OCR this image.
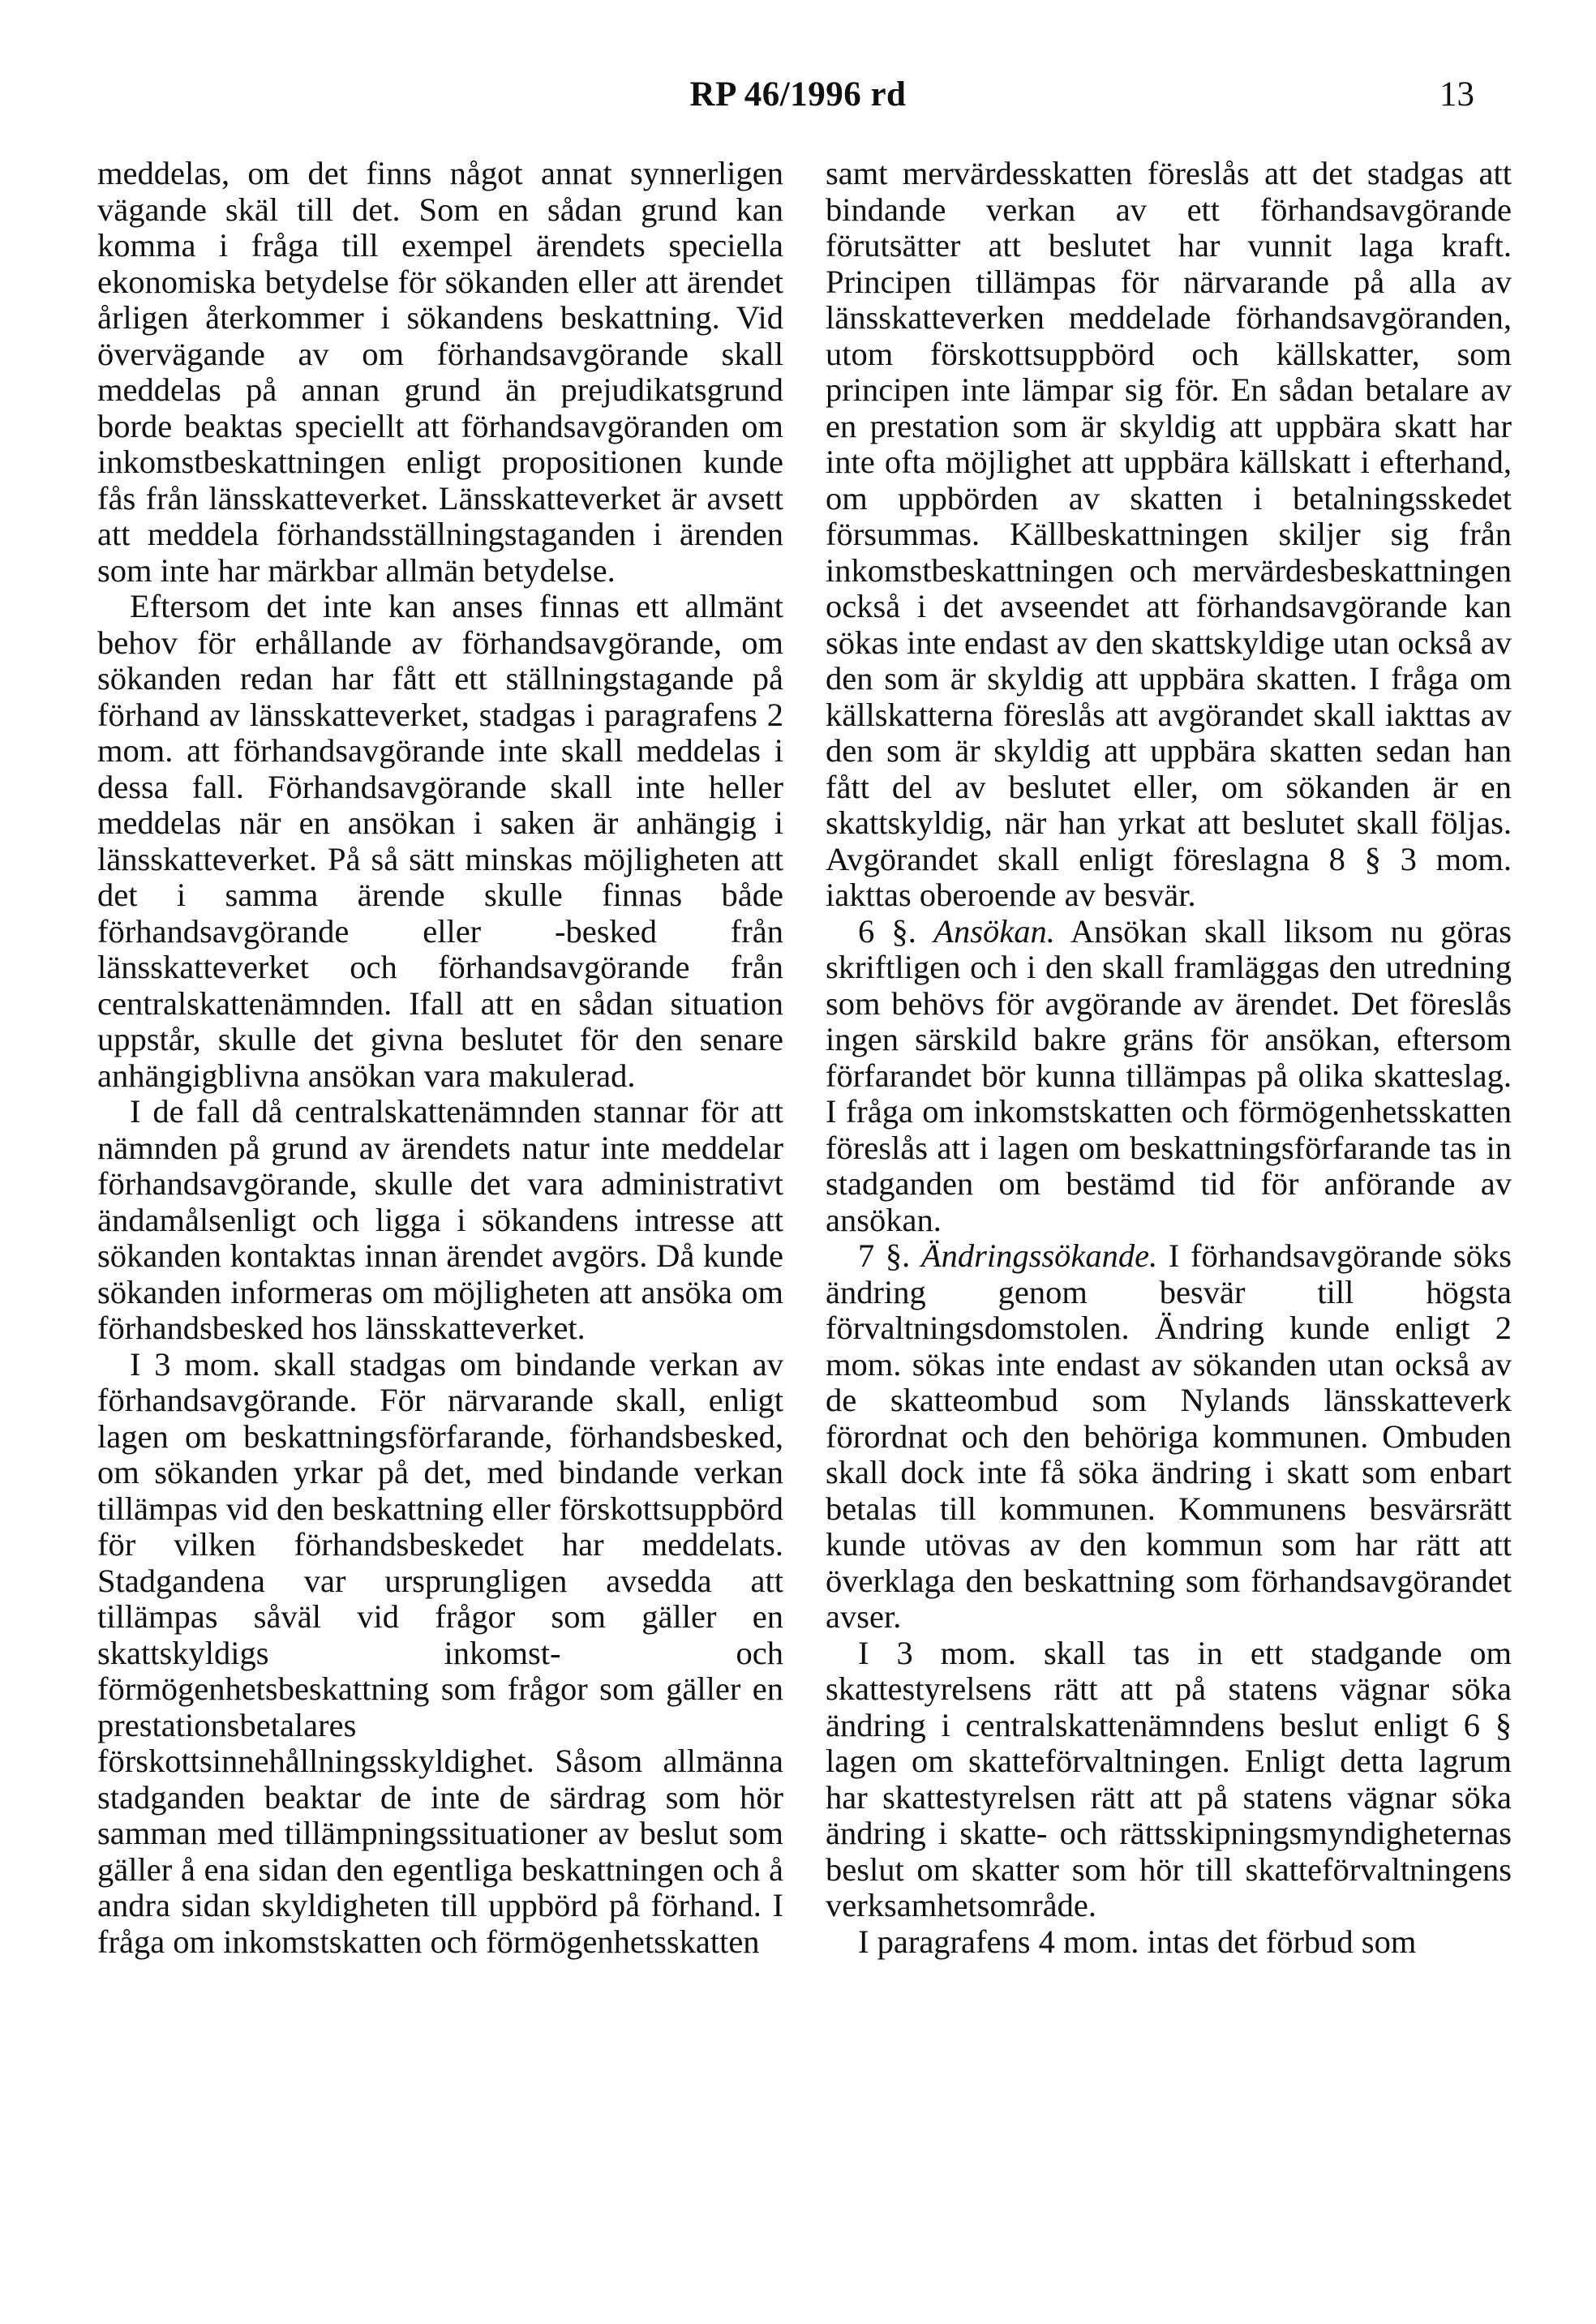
RP 46/1996 rd	13

meddelas, om det finns något annat synnerligen vägande skäl till det. Som en sådan grund kan komma i fråga till exempel ärendets speciella ekonomiska betydelse för sökanden eller att ärendet årligen återkommer i sökandens beskattning. Vid övervägande av om förhandsavgörande skall meddelas på annan grund än prejudikatsgrund borde beaktas speciellt att förhandsavgöranden om inkomstbeskattningen enligt propositionen kunde fås från länsskatteverket. Länsskatteverket är avsett att meddela förhandsställningstaganden i ärenden som inte har märkbar allmän betydelse.

Eftersom det inte kan anses finnas ett allmänt behov för erhållande av förhandsavgörande, om sökanden redan har fått ett ställningstagande på förhand av länsskatteverket, stadgas i paragrafens 2 mom. att förhandsavgörande inte skall meddelas i dessa fall. Förhandsavgörande skall inte heller meddelas när en ansökan i saken är anhängig i länsskatteverket. På så sätt minskas möjligheten att det i samma ärende skulle finnas både förhandsavgörande eller -besked från länsskatteverket och förhandsavgörande från centralskattenämnden. Ifall att en sådan situation uppstår, skulle det givna beslutet för den senare anhängigblivna ansökan vara makulerad.

I de fall då centralskattenämnden stannar för att nämnden på grund av ärendets natur inte meddelar förhandsavgörande, skulle det vara administrativt ändamålsenligt och ligga i sökandens intresse att sökanden kontaktas innan ärendet avgörs. Då kunde sökanden informeras om möjligheten att ansöka om förhandsbesked hos länsskatteverket.

I 3 mom. skall stadgas om bindande verkan av förhandsavgörande. För närvarande skall, enligt lagen om beskattningsförfarande, förhandsbesked, om sökanden yrkar på det, med bindande verkan tillämpas vid den beskattning eller förskottsuppbörd för vilken förhandsbeskedet har meddelats. Stadgandena var ursprungligen avsedda att tillämpas såväl vid frågor som gäller en skattskyldigs inkomst- och förmögenhetsbeskattning som frågor som gäller en prestationsbetalares förskottsinnehållningsskyldighet. Såsom allmänna stadganden beaktar de inte de särdrag som hör samman med tillämpningssituationer av beslut som gäller å ena sidan den egentliga beskattningen och å andra sidan skyldigheten till uppbörd på förhand. I fråga om inkomstskatten och förmögenhetsskatten

samt mervärdesskatten föreslås att det stadgas att bindande verkan av ett förhandsavgörande förutsätter att beslutet har vunnit laga kraft. Principen tillämpas för närvarande på alla av länsskatteverken meddelade förhandsavgöranden, utom förskottsuppbörd och källskatter, som principen inte lämpar sig för. En sådan betalare av en prestation som är skyldig att uppbära skatt har inte ofta möjlighet att uppbära källskatt i efterhand, om uppbörden av skatten i betalningsskedet försummas. Källbeskattningen skiljer sig från inkomstbeskattningen och mervärdesbeskattningen också i det avseendet att förhandsavgörande kan sökas inte endast av den skattskyldige utan också av den som är skyldig att uppbära skatten. I fråga om källskatterna föreslås att avgörandet skall iakttas av den som är skyldig att uppbära skatten sedan han fått del av beslutet eller, om sökanden är en skattskyldig, när han yrkat att beslutet skall följas. Avgörandet skall enligt föreslagna 8 § 3 mom. iakttas oberoende av besvär.

6 §. Ansökan. Ansökan skall liksom nu göras skriftligen och i den skall framläggas den utredning som behövs för avgörande av ärendet. Det föreslås ingen särskild bakre gräns för ansökan, eftersom förfarandet bör kunna tillämpas på olika skatteslag. I fråga om inkomstskatten och förmögenhetsskatten föreslås att i lagen om beskattningsförfarande tas in stadganden om bestämd tid för anförande av ansökan.

7 §. Ändringssökande. I förhandsavgörande söks ändring genom besvär till högsta förvaltningsdomstolen. Ändring kunde enligt 2 mom. sökas inte endast av sökanden utan också av de skatteombud som Nylands länsskatteverk förordnat och den behöriga kommunen. Ombuden skall dock inte få söka ändring i skatt som enbart betalas till kommunen. Kommunens besvärsrätt kunde utövas av den kommun som har rätt att överklaga den beskattning som förhandsavgörandet avser.

I 3 mom. skall tas in ett stadgande om skattestyrelsens rätt att på statens vägnar söka ändring i centralskattenämndens beslut enligt 6 § lagen om skatteförvaltningen. Enligt detta lagrum har skattestyrelsen rätt att på statens vägnar söka ändring i skatte- och rättsskipningsmyndigheternas beslut om skatter som hör till skatteförvaltningens verksamhetsområde.

I paragrafens 4 mom. intas det förbud som
